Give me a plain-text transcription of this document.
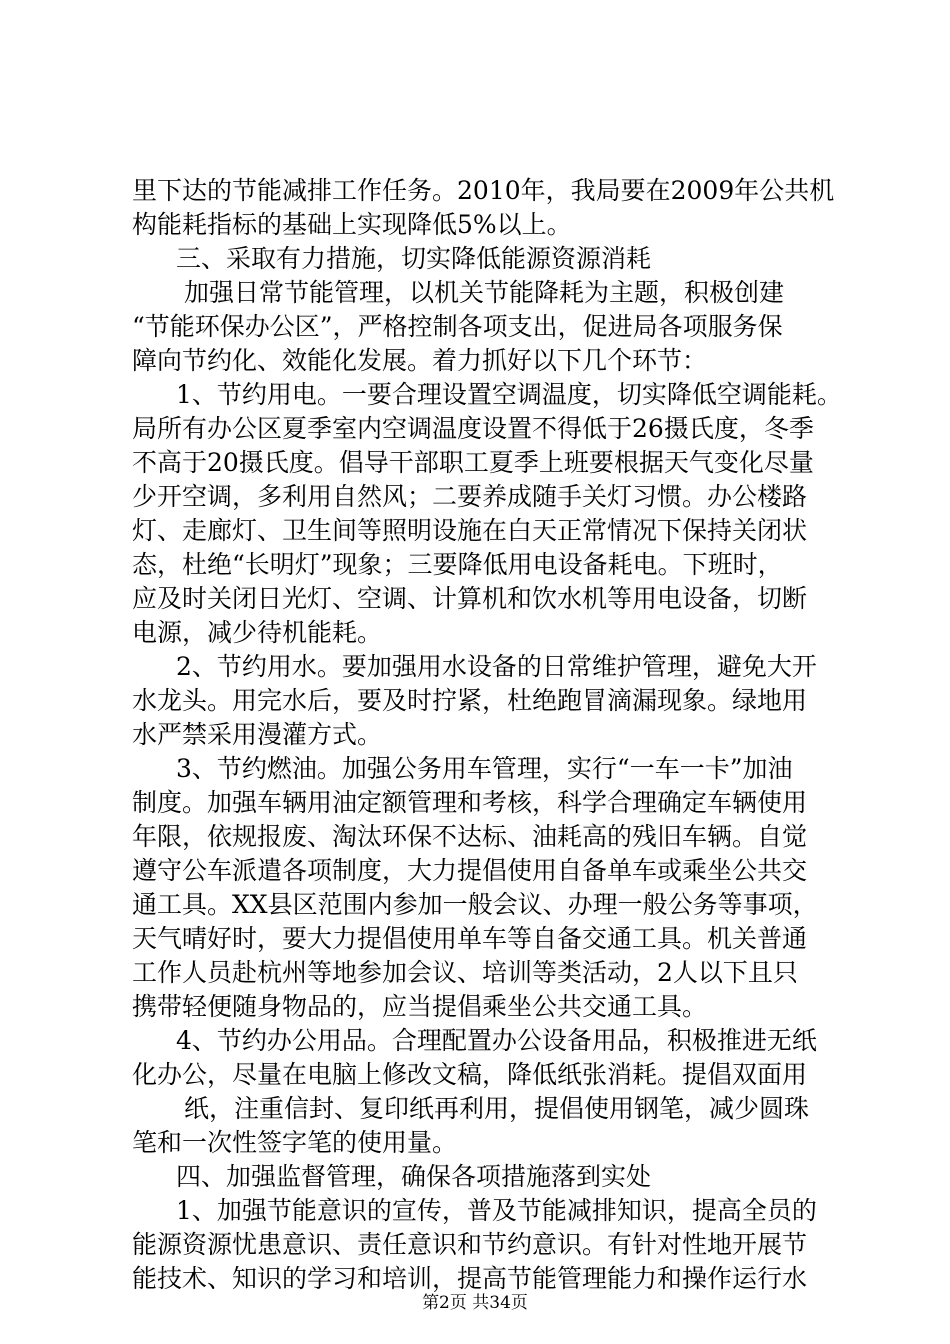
里下达的节能减排工作任务。2010年，我局要在2009年公共机
构能耗指标的基础上实现降低5%以上。
三、采取有力措施，切实降低能源资源消耗
加强日常节能管理，以机关节能降耗为主题，积极创建
“节能环保办公区”，严格控制各项支出，促进局各项服务保
障向节约化、效能化发展。着力抓好以下几个环节：
1、节约用电。一要合理设置空调温度，切实降低空调能耗。
局所有办公区夏季室内空调温度设置不得低于26摄氏度，冬季
不高于20摄氏度。倡导干部职工夏季上班要根据天气变化尽量
少开空调，多利用自然风；二要养成随手关灯习惯。办公楼路
灯、走廊灯、卫生间等照明设施在白天正常情况下保持关闭状
态，杜绝“长明灯”现象；三要降低用电设备耗电。下班时，
应及时关闭日光灯、空调、计算机和饮水机等用电设备，切断
电源，减少待机能耗。
2、节约用水。要加强用水设备的日常维护管理，避免大开
水龙头。用完水后，要及时拧紧，杜绝跑冒滴漏现象。绿地用
水严禁采用漫灌方式。
3、节约燃油。加强公务用车管理，实行“一车一卡”加油
制度。加强车辆用油定额管理和考核，科学合理确定车辆使用
年限，依规报废、淘汰环保不达标、油耗高的残旧车辆。自觉
遵守公车派遣各项制度，大力提倡使用自备单车或乘坐公共交
通工具。XX县区范围内参加一般会议、办理一般公务等事项，
天气晴好时，要大力提倡使用单车等自备交通工具。机关普通
工作人员赴杭州等地参加会议、培训等类活动，2人以下且只
携带轻便随身物品的，应当提倡乘坐公共交通工具。
4、节约办公用品。合理配置办公设备用品，积极推进无纸
化办公，尽量在电脑上修改文稿，降低纸张消耗。提倡双面用
纸，注重信封、复印纸再利用，提倡使用钢笔，减少圆珠
笔和一次性签字笔的使用量。
四、加强监督管理，确保各项措施落到实处
1、加强节能意识的宣传，普及节能减排知识，提高全员的
能源资源忧患意识、责任意识和节约意识。有针对性地开展节
能技术、知识的学习和培训，提高节能管理能力和操作运行水
第2页 共34页
